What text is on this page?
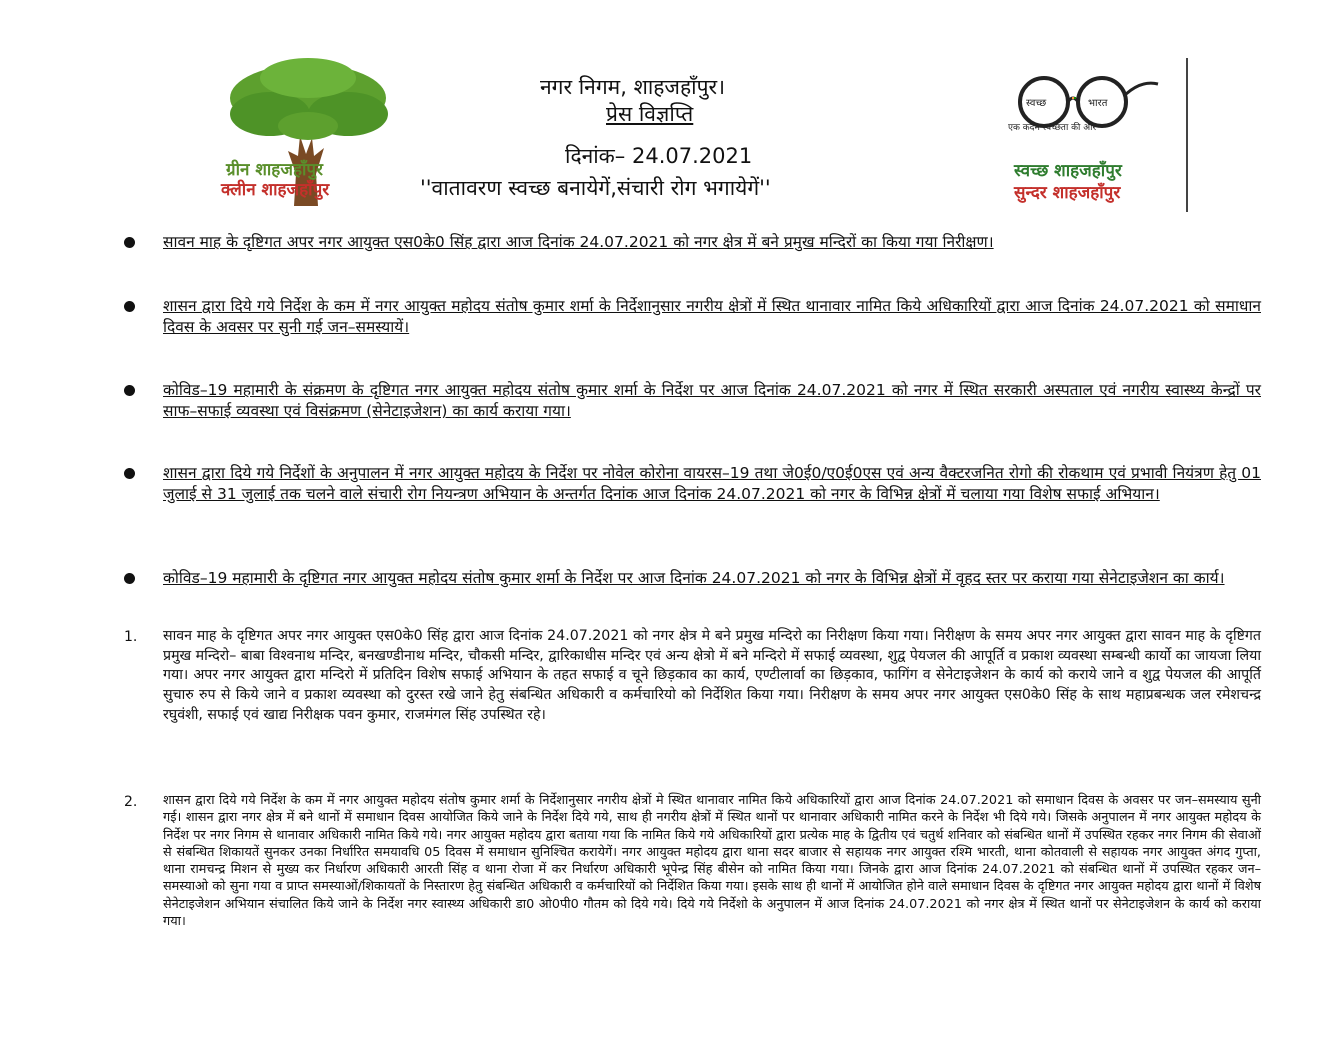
ग्रीन शाहजहाँपुर
क्लीन शाहजहाँपुर
नगर निगम, शाहजहाँपुर।
प्रेस विज्ञप्ति
दिनांक– 24.07.2021
''वातावरण स्वच्छ बनायेगें,संचारी रोग भगायेगें''
स्वच्छ	भारत
एक कदम स्वच्छता की ओर
स्वच्छ शाहजहाँपुर
सुन्दर शाहजहाँपुर
सावन माह के दृष्टिगत अपर नगर आयुक्त एस0के0 सिंह द्वारा आज दिनांक 24.07.2021 को नगर क्षेत्र में बने प्रमुख मन्दिरों का किया गया निरीक्षण।
शासन द्वारा दिये गये निर्देश के कम में नगर आयुक्त महोदय संतोष कुमार शर्मा के निर्देशानुसार नगरीय क्षेत्रों में स्थित थानावार नामित किये अधिकारियों द्वारा आज दिनांक 24.07.2021 को समाधान दिवस के अवसर पर सुनी गई जन–समस्यायें।
कोविड–19 महामारी के संक्रमण के दृष्टिगत नगर आयुक्त महोदय संतोष कुमार शर्मा के निर्देश पर आज दिनांक 24.07.2021 को नगर में स्थित सरकारी अस्पताल एवं नगरीय स्वास्थ्य केन्द्रों पर साफ–सफाई व्यवस्था एवं विसंक्रमण (सेनेटाइजेशन) का कार्य कराया गया।
शासन द्वारा दिये गये निर्देशों के अनुपालन में नगर आयुक्त महोदय के निर्देश पर नोवेल कोरोना वायरस–19 तथा जे0ई0/ए0ई0एस एवं अन्य वैक्टरजनित रोगो की रोकथाम एवं प्रभावी नियंत्रण हेतु 01 जुलाई से 31 जुलाई तक चलने वाले संचारी रोग नियन्त्रण अभियान के अन्तर्गत दिनांक आज दिनांक 24.07.2021 को नगर के विभिन्न क्षेत्रों में चलाया गया विशेष सफाई अभियान।
कोविड–19 महामारी के दृष्टिगत नगर आयुक्त महोदय संतोष कुमार शर्मा के निर्देश पर आज दिनांक 24.07.2021 को नगर के विभिन्न क्षेत्रों में वृहद स्तर पर कराया गया सेनेटाइजेशन का कार्य।
1. सावन माह के दृष्टिगत अपर नगर आयुक्त एस0के0 सिंह द्वारा आज दिनांक 24.07.2021 को नगर क्षेत्र मे बने प्रमुख मन्दिरो का निरीक्षण किया गया। निरीक्षण के समय अपर नगर आयुक्त द्वारा सावन माह के दृष्टिगत प्रमुख मन्दिरो– बाबा विश्वनाथ मन्दिर, बनखण्डीनाथ मन्दिर, चौकसी मन्दिर, द्वारिकाधीस मन्दिर एवं अन्य क्षेत्रो में बने मन्दिरो में सफाई व्यवस्था, शुद्व पेयजल की आपूर्ति व प्रकाश व्यवस्था सम्बन्धी कार्यो का जायजा लिया गया। अपर नगर आयुक्त द्वारा मन्दिरो में प्रतिदिन विशेष सफाई अभियान के तहत सफाई व चूने छिड़काव का कार्य, एण्टीलार्वा का छिड़काव, फागिंग व सेनेटाइजेशन के कार्य को कराये जाने व शुद्व पेयजल की आपूर्ति सुचारु रुप से किये जाने व प्रकाश व्यवस्था को दुरस्त रखे जाने हेतु संबन्धित अधिकारी व कर्मचारियो को निर्देशित किया गया। निरीक्षण के समय अपर नगर आयुक्त एस0के0 सिंह के साथ महाप्रबन्धक जल रमेशचन्द्र रघुवंशी, सफाई एवं खाद्य निरीक्षक पवन कुमार, राजमंगल सिंह उपस्थित रहे।
2. शासन द्वारा दिये गये निर्देश के कम में नगर आयुक्त महोदय संतोष कुमार शर्मा के निर्देशानुसार नगरीय क्षेत्रों मे स्थित थानावार नामित किये अधिकारियों द्वारा आज दिनांक 24.07.2021 को समाधान दिवस के अवसर पर जन–समस्याय सुनी गई। शासन द्वारा नगर क्षेत्र में बने थानों में समाधान दिवस आयोजित किये जाने के निर्देश दिये गये, साथ ही नगरीय क्षेत्रों में स्थित थानों पर थानावार अधिकारी नामित करने के निर्देश भी दिये गये। जिसके अनुपालन में नगर आयुक्त महोदय के निर्देश पर नगर निगम से थानावार अधिकारी नामित किये गये। नगर आयुक्त महोदय द्वारा बताया गया कि नामित किये गये अधिकारियों द्वारा प्रत्येक माह के द्वितीय एवं चतुर्थ शनिवार को संबन्धित थानों में उपस्थित रहकर नगर निगम की सेवाओं से संबन्धित शिकायतें सुनकर उनका निर्धारित समयावधि 05 दिवस में समाधान सुनिश्चित करायेगें। नगर आयुक्त महोदय द्वारा थाना सदर बाजार से सहायक नगर आयुक्त रश्मि भारती, थाना कोतवाली से सहायक नगर आयुक्त अंगद गुप्ता, थाना रामचन्द्र मिशन से मुख्य कर निर्धारण अधिकारी आरती सिंह व थाना रोजा में कर निर्धारण अधिकारी भूपेन्द्र सिंह बीसेन को नामित किया गया। जिनके द्वारा आज दिनांक 24.07.2021 को संबन्धित थानों में उपस्थित रहकर जन–समस्याओ को सुना गया व प्राप्त समस्याओं/शिकायतों के निस्तारण हेतु संबन्धित अधिकारी व कर्मचारियों को निर्देशित किया गया। इसके साथ ही थानों में आयोजित होने वाले समाधान दिवस के दृष्टिगत नगर आयुक्त महोदय द्वारा थानों में विशेष सेनेटाइजेशन अभियान संचालित किये जाने के निर्देश नगर स्वास्थ्य अधिकारी डा0 ओ0पी0 गौतम को दिये गये। दिये गये निर्देशो के अनुपालन में आज दिनांक 24.07.2021 को नगर क्षेत्र में स्थित थानों पर सेनेटाइजेशन के कार्य को कराया गया।
